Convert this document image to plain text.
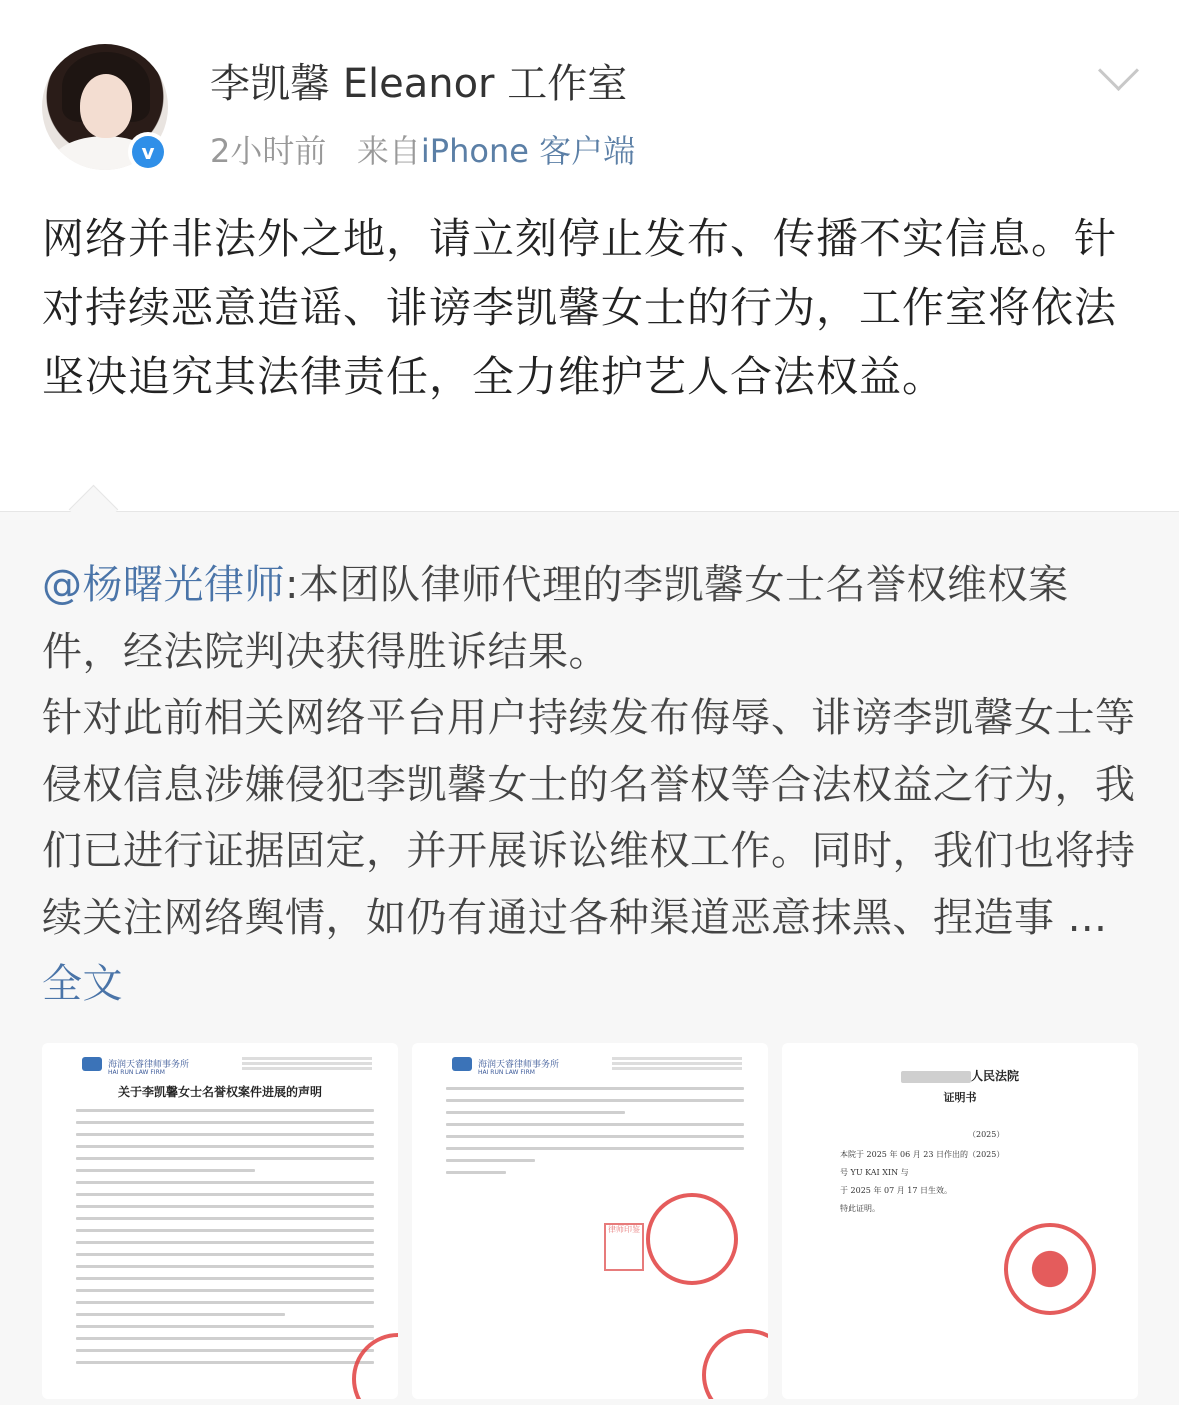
v
李凯馨 Eleanor 工作室
2小时前 来自iPhone 客户端
网络并非法外之地，请立刻停止发布、传播不实信息。针对持续恶意造谣、诽谤李凯馨女士的行为，工作室将依法坚决追究其法律责任，全力维护艺人合法权益。
@杨曙光律师:本团队律师代理的李凯馨女士名誉权维权案件，经法院判决获得胜诉结果。
针对此前相关网络平台用户持续发布侮辱、诽谤李凯馨女士等侵权信息涉嫌侵犯李凯馨女士的名誉权等合法权益之行为，我们已进行证据固定，并开展诉讼维权工作。同时，我们也将持续关注网络舆情，如仍有通过各种渠道恶意抹黑、捏造事 ... 全文
海润天睿律师事务所
HAI RUN LAW FIRM
关于李凯馨女士名誉权案件进展的声明
海润天睿律师事务所
HAI RUN LAW FIRM
律师印鉴
人民法院
证明书
（2025）
本院于 2025 年 06 月 23 日作出的（2025）
号 YU KAI XIN 与
于 2025 年 07 月 17 日生效。
特此证明。
